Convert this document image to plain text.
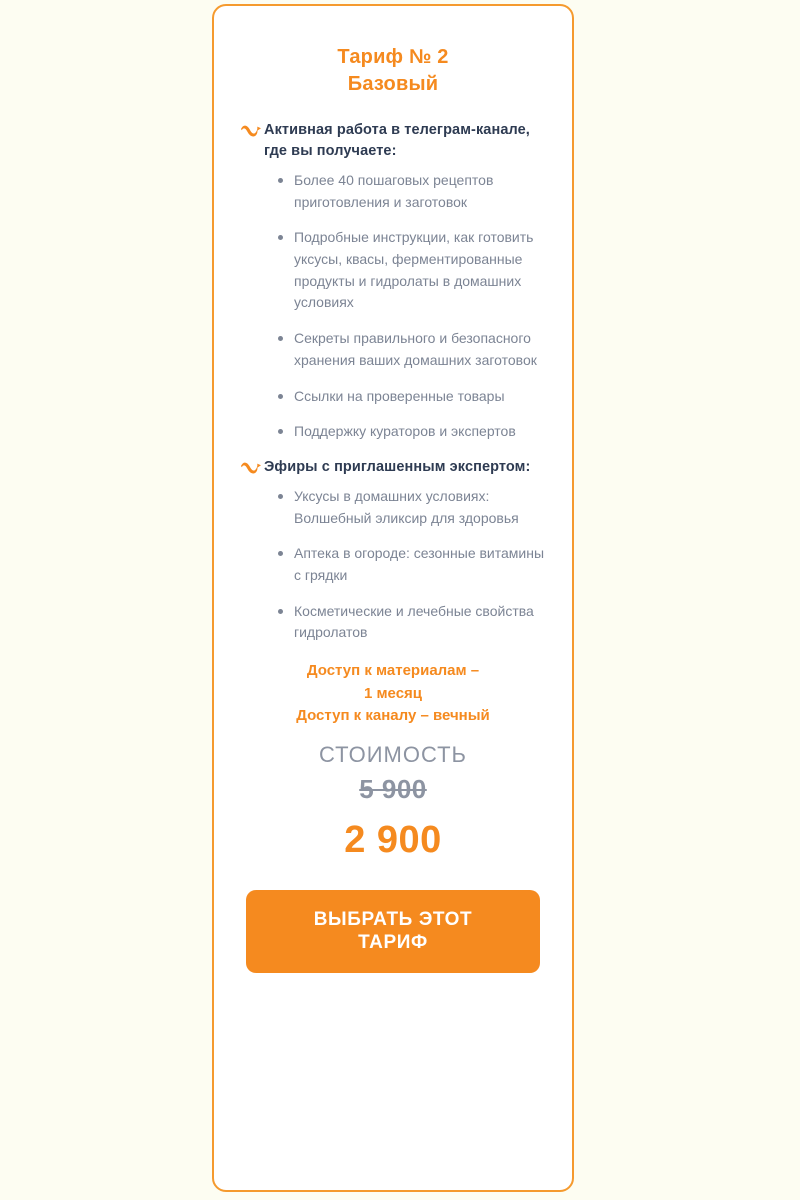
Тариф № 2
Базовый
Активная работа в телеграм-канале, где вы получаете:
Более 40 пошаговых рецептов приготовления и заготовок
Подробные инструкции, как готовить уксусы, квасы, ферментированные продукты и гидролаты в домашних условиях
Секреты правильного и безопасного хранения ваших домашних заготовок
Ссылки на проверенные товары
Поддержку кураторов и экспертов
Эфиры с приглашенным экспертом:
Уксусы в домашних условиях: Волшебный эликсир для здоровья
Аптека в огороде: сезонные витамины с грядки
Косметические и лечебные свойства гидролатов
Доступ к материалам –
1 месяц
Доступ к каналу – вечный
СТОИМОСТЬ
5 900
2 900
ВЫБРАТЬ ЭТОТ
ТАРИФ
